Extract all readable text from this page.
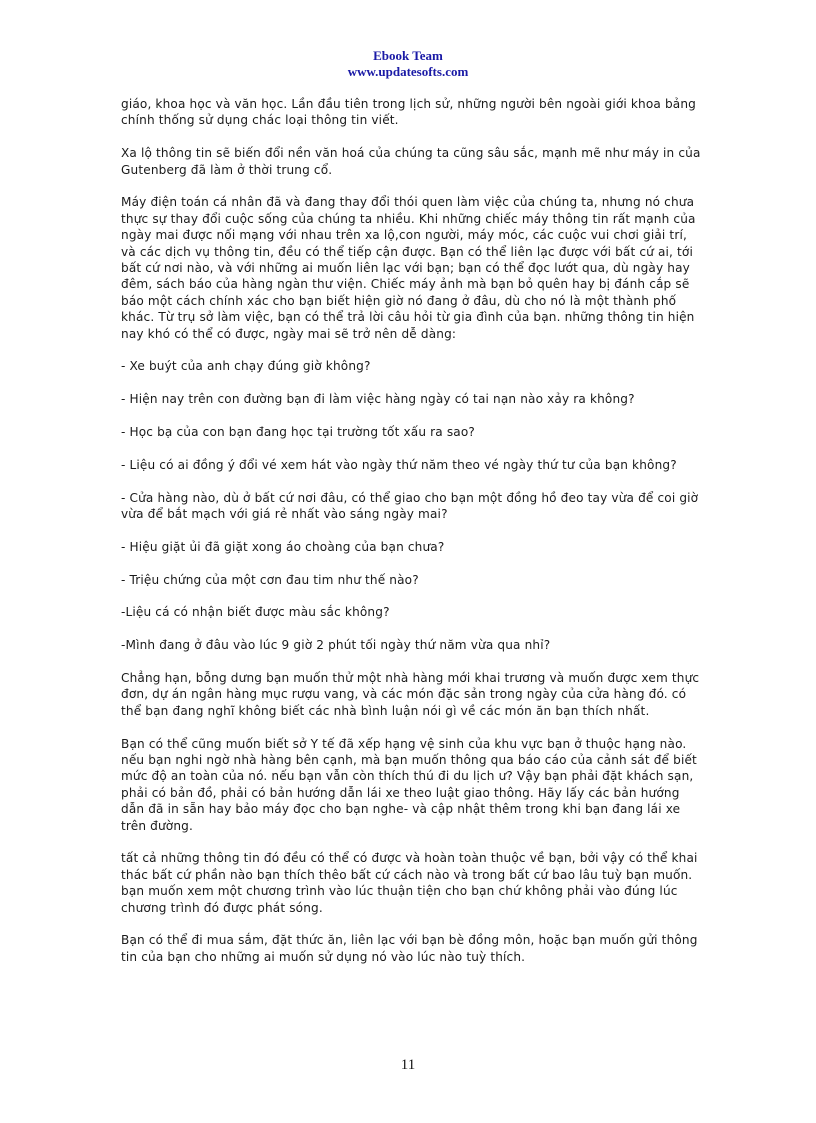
Ebook Team
www.updatesofts.com

giáo, khoa học và văn học. Lần đầu tiên trong lịch sử, những người bên ngoài giới khoa bảng chính thống sử dụng chác loại thông tin viết.

Xa lộ thông tin sẽ biến đổi nền văn hoá của chúng ta cũng sâu sắc, mạnh mẽ như máy in của Gutenberg đã làm ở thời trung cổ.

Máy điện toán cá nhân đã và đang thay đổi thói quen làm việc của chúng ta, nhưng nó chưa thực sự thay đổi cuộc sống của chúng ta nhiều. Khi những chiếc máy thông tin rất mạnh của ngày mai được nối mạng với nhau trên xa lộ,con người, máy móc, các cuộc vui chơi giải trí, và các dịch vụ thông tin, đều có thể tiếp cận được. Bạn có thể liên lạc được với bất cứ ai, tới bất cứ nơi nào, và với những ai muốn liên lạc với bạn; bạn có thể đọc lướt qua, dù ngày hay đêm, sách báo của hàng ngàn thư viện. Chiếc máy ảnh mà bạn bỏ quên hay bị đánh cắp sẽ báo một cách chính xác cho bạn biết hiện giờ nó đang ở đâu, dù cho nó là một thành phố khác. Từ trụ sở làm việc, bạn có thể trả lời câu hỏi từ gia đình của bạn. những thông tin hiện nay khó có thể có được, ngày mai sẽ trở nên dễ dàng:

- Xe buýt của anh chạy đúng giờ không?

- Hiện nay trên con đường bạn đi làm việc hàng ngày có tai nạn nào xảy ra không?

- Học bạ của con bạn đang học tại trường tốt xấu ra sao?

- Liệu có ai đồng ý đổi vé xem hát vào ngày thứ năm theo vé ngày thứ tư của bạn không?

- Cửa hàng nào, dù ở bất cứ nơi đâu, có thể giao cho bạn một đồng hồ đeo tay vừa để coi giờ vừa để bắt mạch với giá rẻ nhất vào sáng ngày mai?

- Hiệu giặt ủi đã giặt xong áo choàng của bạn chưa?

- Triệu chứng của một cơn đau tim như thế nào?

-Liệu cá có nhận biết được màu sắc không?

-Mình đang ở đâu vào lúc 9 giờ 2 phút tối ngày thứ năm vừa qua nhỉ?

Chẳng hạn, bỗng dưng bạn muốn thử một nhà hàng mới khai trương và muốn được xem thực đơn, dự án ngân hàng mục rượu vang, và các món đặc sản trong ngày của cửa hàng đó. có thể bạn đang nghĩ không biết các nhà bình luận nói gì về các món ăn bạn thích nhất.

Bạn có thể cũng muốn biết sở Y tế đã xếp hạng vệ sinh của khu vực bạn ở thuộc hạng nào. nếu bạn nghi ngờ nhà hàng bên cạnh, mà bạn muốn thông qua báo cáo của cảnh sát để biết mức độ an toàn của nó. nếu bạn vẫn còn thích thú đi du lịch ư? Vậy bạn phải đặt khách sạn, phải có bản đồ, phải có bản hướng dẫn lái xe theo luật giao thông. Hãy lấy các bản hướng dẫn đã in sẵn hay bảo máy đọc cho bạn nghe- và cập nhật thêm trong khi bạn đang lái xe trên đường.

tất cả những thông tin đó đều có thể có được và hoàn toàn thuộc về bạn, bởi vậy có thể khai thác bất cứ phần nào bạn thích thêo bất cứ cách nào và trong bất cứ bao lâu tuỳ bạn muốn. bạn muốn xem một chương trình vào lúc thuận tiện cho bạn chứ không phải vào đúng lúc chương trình đó được phát sóng.

Bạn có thể đi mua sắm, đặt thức ăn, liên lạc với bạn bè đồng môn, hoặc bạn muốn gửi thông tin của bạn cho những ai muốn sử dụng nó vào lúc nào tuỳ thích.

11
